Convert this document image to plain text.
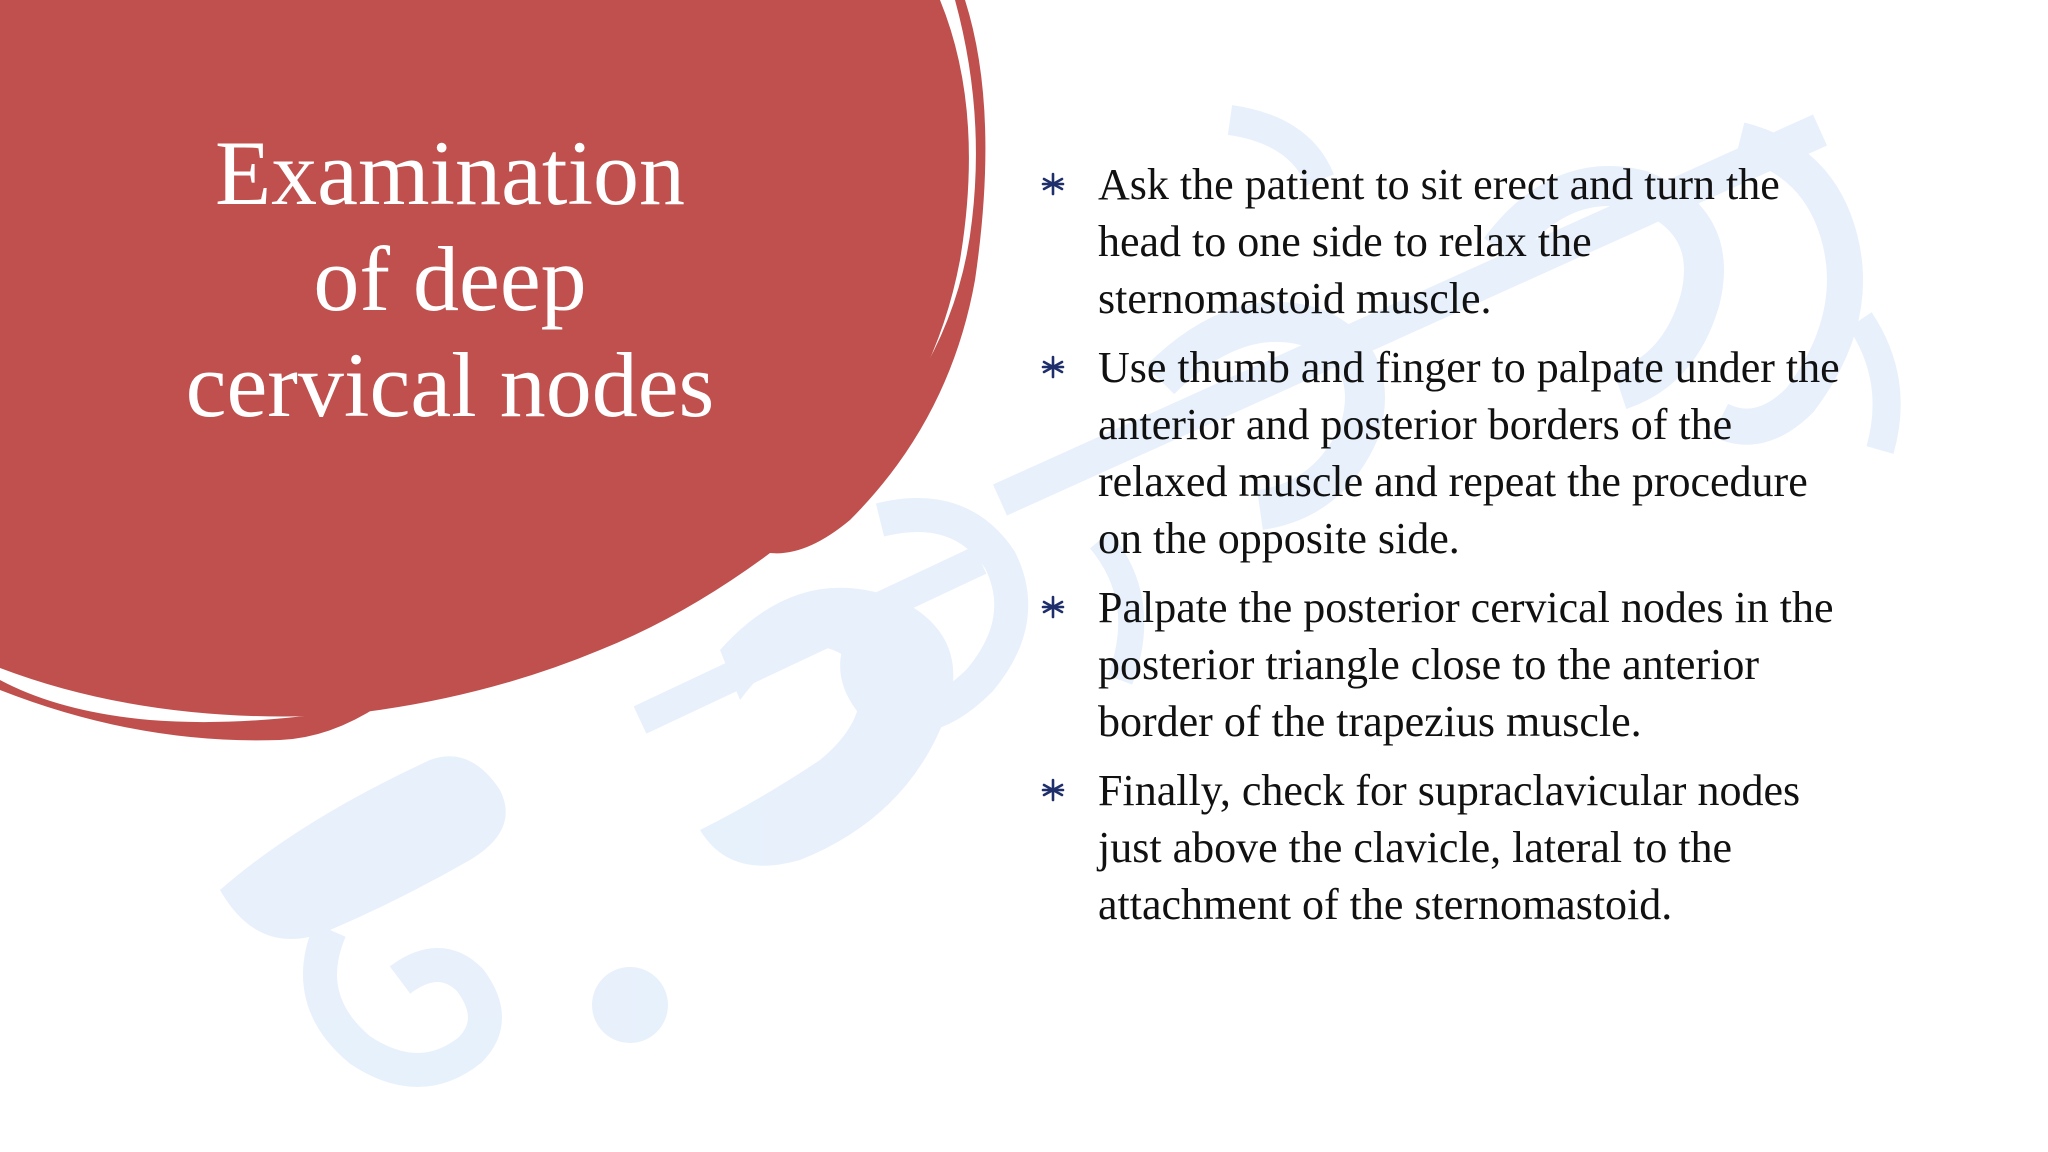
Examination
of deep
cervical nodes
Ask the patient to sit erect and turn the
head to one side to relax the
sternomastoid muscle.
Use thumb and finger to palpate under the
anterior and posterior borders of the
relaxed muscle and repeat the procedure
on the opposite side.
Palpate the posterior cervical nodes in the
posterior triangle close to the anterior
border of the trapezius muscle.
Finally, check for supraclavicular nodes
just above the clavicle, lateral to the
attachment of the sternomastoid.
